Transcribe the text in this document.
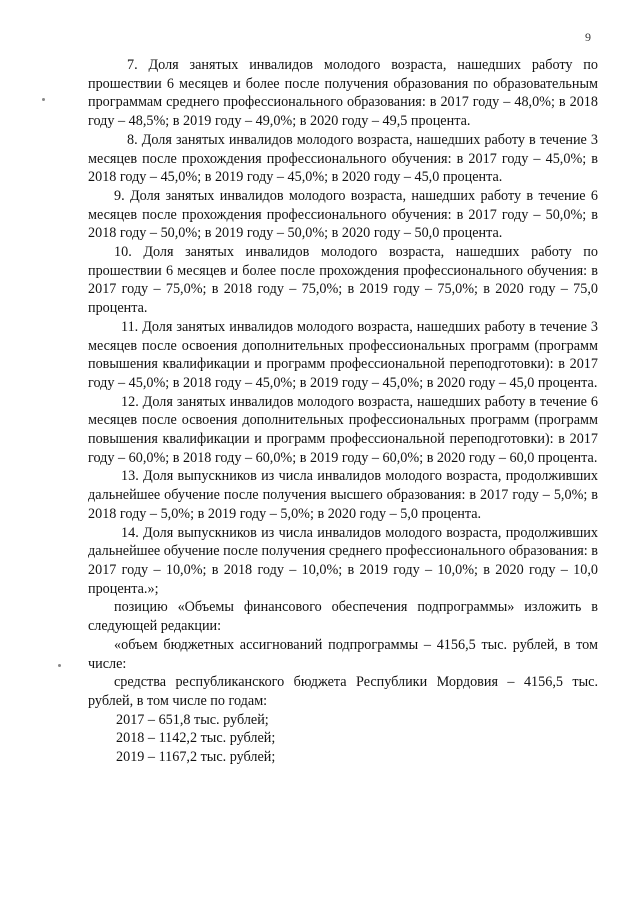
9

7. Доля занятых инвалидов молодого возраста, нашедших работу по прошествии 6 месяцев и более после получения образования по образовательным программам среднего профессионального образования: в 2017 году – 48,0%; в 2018 году – 48,5%; в 2019 году – 49,0%; в 2020 году – 49,5 процента.

8. Доля занятых инвалидов молодого возраста, нашедших работу в течение 3 месяцев после прохождения профессионального обучения: в 2017 году – 45,0%; в 2018 году – 45,0%; в 2019 году – 45,0%; в 2020 году – 45,0 процента.

9. Доля занятых инвалидов молодого возраста, нашедших работу в течение 6 месяцев после прохождения профессионального обучения: в 2017 году – 50,0%; в 2018 году – 50,0%; в 2019 году – 50,0%; в 2020 году – 50,0 процента.

10. Доля занятых инвалидов молодого возраста, нашедших работу по прошествии 6 месяцев и более после прохождения профессионального обучения: в 2017 году – 75,0%; в 2018 году – 75,0%; в 2019 году – 75,0%; в 2020 году – 75,0 процента.

11. Доля занятых инвалидов молодого возраста, нашедших работу в течение 3 месяцев после освоения дополнительных профессиональных программ (программ повышения квалификации и программ профессиональной переподготовки): в 2017 году – 45,0%; в 2018 году – 45,0%; в 2019 году – 45,0%; в 2020 году – 45,0 процента.

12. Доля занятых инвалидов молодого возраста, нашедших работу в течение 6 месяцев после освоения дополнительных профессиональных программ (программ повышения квалификации и программ профессиональной переподготовки): в 2017 году – 60,0%; в 2018 году – 60,0%; в 2019 году – 60,0%; в 2020 году – 60,0 процента.

13. Доля выпускников из числа инвалидов молодого возраста, продолживших дальнейшее обучение после получения высшего образования: в 2017 году – 5,0%; в 2018 году – 5,0%; в 2019 году – 5,0%; в 2020 году – 5,0 процента.

14. Доля выпускников из числа инвалидов молодого возраста, продолживших дальнейшее обучение после получения среднего профессионального образования: в 2017 году – 10,0%; в 2018 году – 10,0%; в 2019 году – 10,0%; в 2020 году – 10,0 процента.»;

позицию «Объемы финансового обеспечения подпрограммы» изложить в следующей редакции:

«объем бюджетных ассигнований подпрограммы – 4156,5 тыс. рублей, в том числе:

средства республиканского бюджета Республики Мордовия – 4156,5 тыс. рублей, в том числе по годам:

2017 – 651,8 тыс. рублей;

2018 – 1142,2 тыс. рублей;

2019 – 1167,2 тыс. рублей;
